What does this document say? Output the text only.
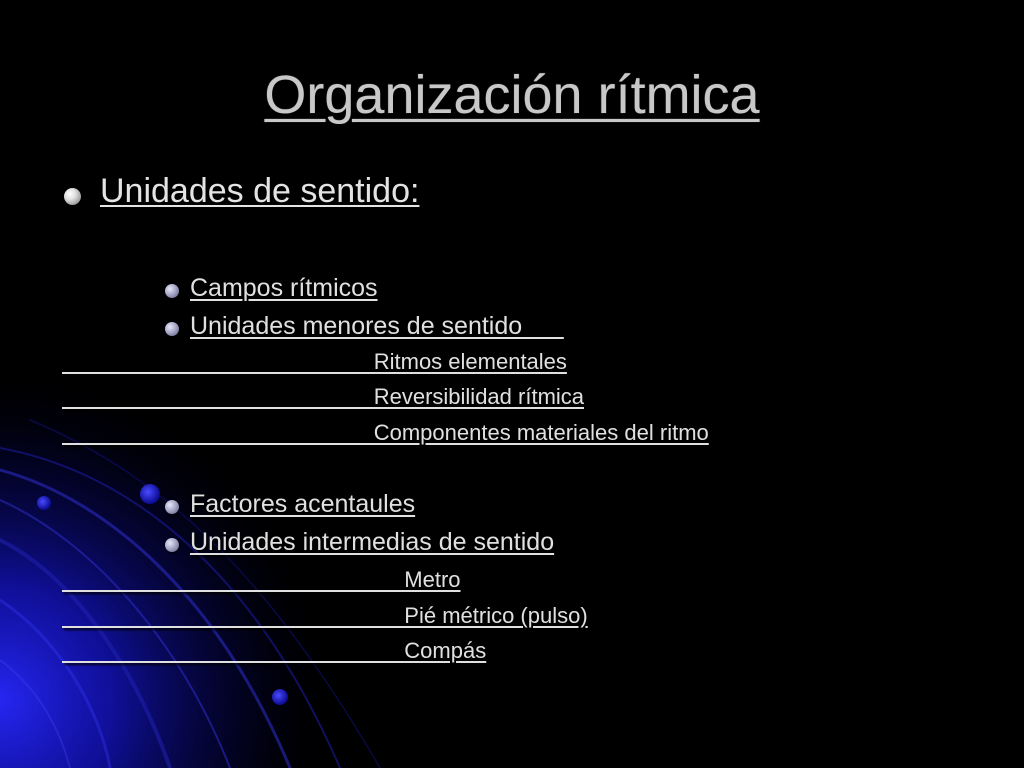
Organización rítmica
Unidades de sentido:
Campos rítmicos
Unidades menores de sentido
Ritmos elementales
Reversibilidad rítmica
Componentes materiales del ritmo
Factores acentaules
Unidades intermedias de sentido
Metro
Pié métrico (pulso)
Compás
